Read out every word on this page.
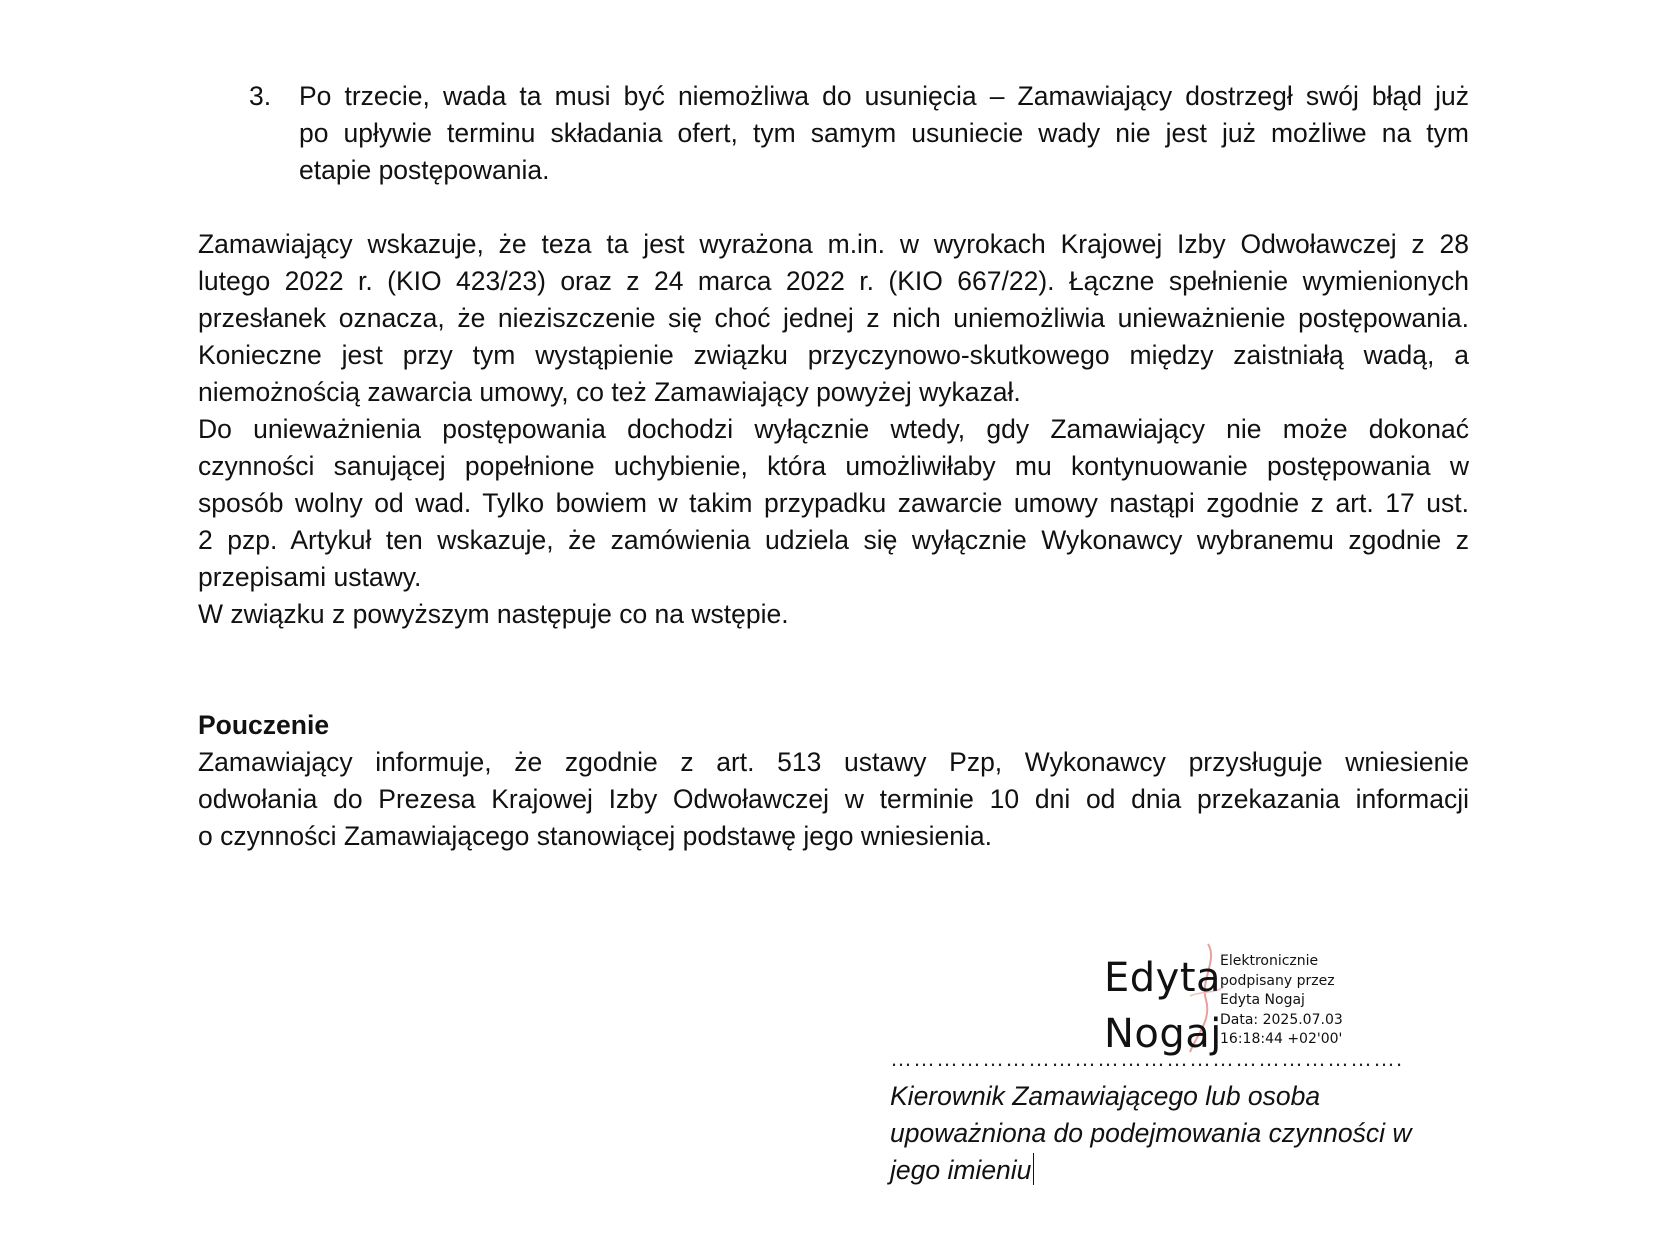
3.	Po trzecie, wada ta musi być niemożliwa do usunięcia – Zamawiający dostrzegł swój błąd już
po upływie terminu składania ofert, tym samym usuniecie wady nie jest już możliwe na tym
etapie postępowania.
Zamawiający wskazuje, że teza ta jest wyrażona m.in. w wyrokach Krajowej Izby Odwoławczej z 28
lutego 2022 r. (KIO 423/23) oraz z 24 marca 2022 r. (KIO 667/22). Łączne spełnienie wymienionych
przesłanek oznacza, że nieziszczenie się choć jednej z nich uniemożliwia unieważnienie postępowania.
Konieczne jest przy tym wystąpienie związku przyczynowo-skutkowego między zaistniałą wadą, a
niemożnością zawarcia umowy, co też Zamawiający powyżej wykazał.
Do unieważnienia postępowania dochodzi wyłącznie wtedy, gdy Zamawiający nie może dokonać
czynności sanującej popełnione uchybienie, która umożliwiłaby mu kontynuowanie postępowania w
sposób wolny od wad. Tylko bowiem w takim przypadku zawarcie umowy nastąpi zgodnie z art. 17 ust.
2 pzp. Artykuł ten wskazuje, że zamówienia udziela się wyłącznie Wykonawcy wybranemu zgodnie z
przepisami ustawy.
W związku z powyższym następuje co na wstępie.
Pouczenie
Zamawiający informuje, że zgodnie z art. 513 ustawy Pzp, Wykonawcy przysługuje wniesienie
odwołania do Prezesa Krajowej Izby Odwoławczej w terminie 10 dni od dnia przekazania informacji
o czynności Zamawiającego stanowiącej podstawę jego wniesienia.
Edyta
Nogaj
Elektronicznie
podpisany przez
Edyta Nogaj
Data: 2025.07.03
16:18:44 +02'00'
………………………………………………………….
Kierownik Zamawiającego lub osoba
upoważniona do podejmowania czynności w
jego imieniu
